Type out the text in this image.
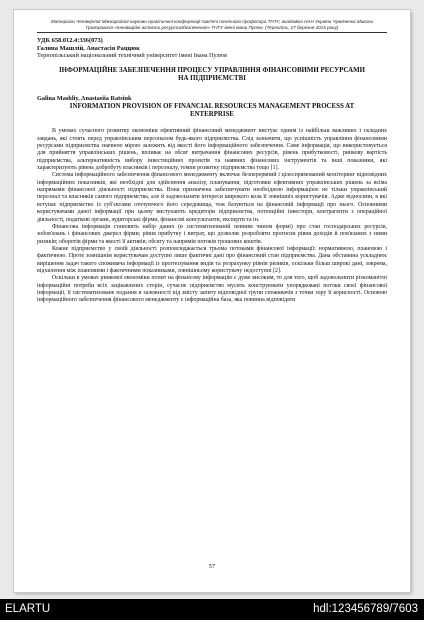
Матеріали Четвертої Міжнародної науково-практичної конференції пам'яті почесного професора ТНТУ, академіка НАН України Чумаченка Миколи Григоровича «Інноваційні аспекти ресурсозабезпечення» ТНТУ імені Івана Пулюя. (Тернопіль, 27 березня 2015 року)
УДК 658.012.4:336(073)
Галина Машлій, Анастасія Раццюк
Тернопільський національний технічний університет імені Івана Пулюя
ІНФОРМАЦІЙНЕ ЗАБЕЗПЕЧЕННЯ ПРОЦЕСУ УПРАВЛІННЯ ФІНАНСОВИМИ РЕСУРСАМИ НА ПІДПРИЄМСТВІ
Galina Mashliy, Anastasiia Ratsiuk
INFORMATION PROVISION OF FINANCIAL RESOURCES MANAGEMENT PROCESS AT ENTERPRISE

В умовах сучасного розвитку економіки ефективний фінансовий менеджмент вистуає одним із найбільш важливих і складних завдань, які стоять перед управлінським персоналом будь-якого підприємства. Слід зазначити, що успішність управління фінансовими ресурсами підприємства значною мірою залежить від якості його інформаційного забезпечення. Саме інформація, що використовується для прийняття управлінських рішень, впливає на обсяг витрачання фінансових ресурсів, рівень прибутковості, ринкову вартість підприємства, альтернативність вибору інвестиційних проектів та наявних фінансових інструментів та інші показники, які характеризують рівень добробуту власників і персоналу, темпи розвитку підприємства тощо [1].

Система інформаційного забезпечення фінансового менеджменту включає безперервний і цілеспрямований моніторинг відповідних інформаційних показників, які необхідні для здійснення аналізу, планування, підготовки ефективних управлінських рішень за всіма напрямами фінансової діяльності підприємства. Вона призначена забезпечувати необхідною інформацією не тільки управлінський персонал та власників самого підприємства, але й задовольняти інтереси широкого кола її зовнішніх користувачів. Адже відносини, в які вступає підприємство із суб'єктами оточуючого його середовища, теж базуються на фінансовій інформації про нього. Основними користувачами даної інформації при цьому виступають кредитори підприємства, потенційні інвестори, контрагенти з операційної діяльності, податкові органи, аудиторські фірми, фінансові консультанти, експерти та ін.

Фінансова інформація становить набір даних (в систематизованій певним чином формі) про стан господарських ресурсів, зобов'язань і фінансових джерел фірми; рівня прибутку і витрат, що дозволяє розробляти прогнози рівня доходів й пов'язаних з ними ризиків; оборотів фірми та якості її активів; обсягу та напрямів потоків грошових коштів.

Кожне підприємство у своїй діяльності розповсюджається трьома потоками фінансової інформації: нормативною, плановою і фактичною. Проте зовнішнім користувачам доступні лише фактичні дані про фінансовий стан підприємства. Дана обставина ускладнює вирішення задач такого споживача інформації із прогнозування видів та розрахунку рівнів ризиків, оскільки більш широкі дані, зокрема, відхилення між плановими і фактичними показниками, зовнішньому користувачу недоступні [2].

Оскільки в умовах ринкової економіки попит на фінансову інформацію є дуже високим, то для того, щоб задовольнити різноманітні інформаційні потреби всіх зацікавлених сторін, сучасне підприємство мусить конструювати упорядковані потоки своєї фінансової інформації, її систематизоване подання в залежності від змісту запиту відповідної групи споживачів з точки зору її корисності. Основою інформаційного забезпечення фінансового менеджменту є інформаційна база, яка повинна відповідати

57
ELARTU	hdl:123456789/7603
